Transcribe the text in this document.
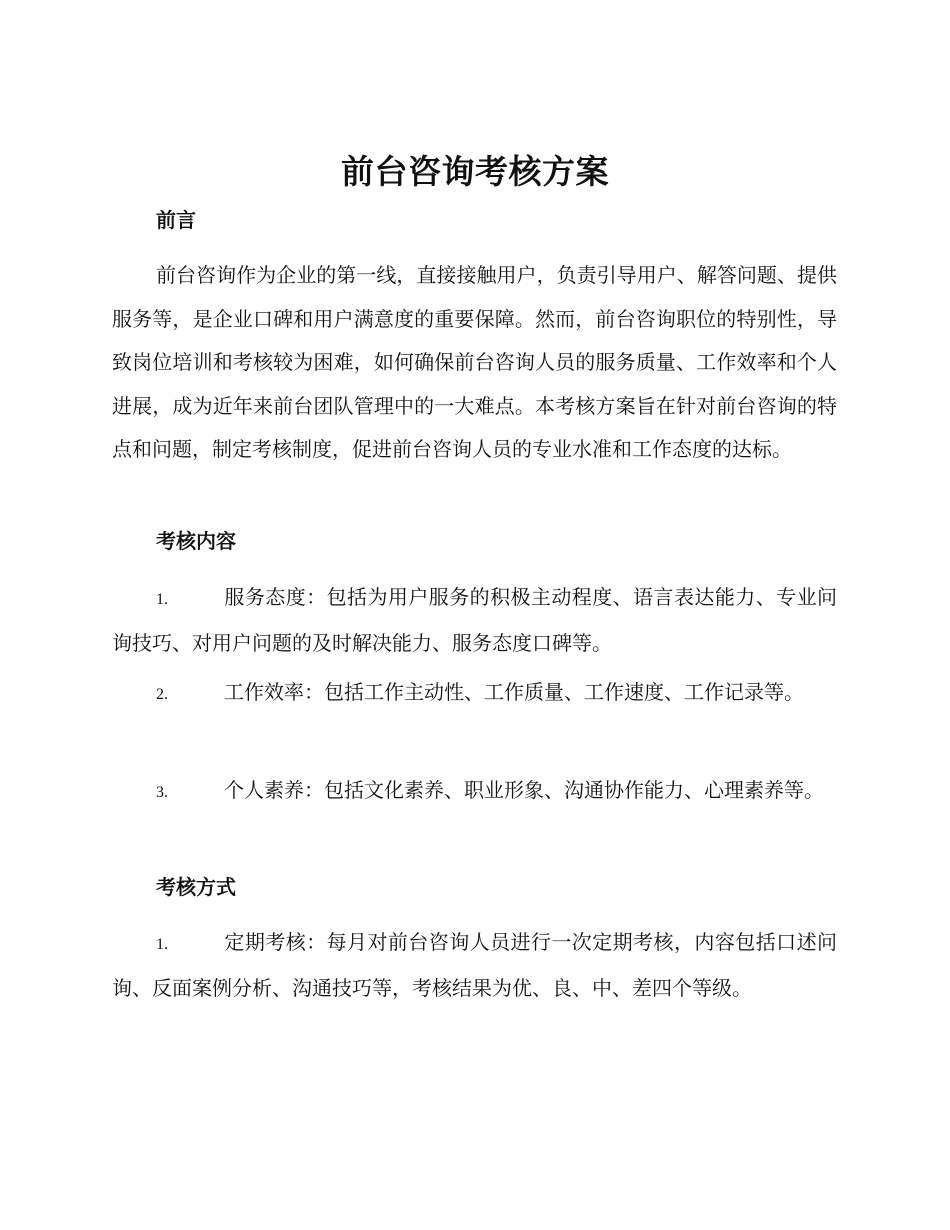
前台咨询考核方案
前言

前台咨询作为企业的第一线，直接接触用户，负责引导用户、解答问题、提供服务等，是企业口碑和用户满意度的重要保障。然而，前台咨询职位的特别性，导致岗位培训和考核较为困难，如何确保前台咨询人员的服务质量、工作效率和个人进展，成为近年来前台团队管理中的一大难点。本考核方案旨在针对前台咨询的特点和问题，制定考核制度，促进前台咨询人员的专业水准和工作态度的达标。

考核内容

1.	服务态度：包括为用户服务的积极主动程度、语言表达能力、专业问询技巧、对用户问题的及时解决能力、服务态度口碑等。

2.	工作效率：包括工作主动性、工作质量、工作速度、工作记录等。

3.	个人素养：包括文化素养、职业形象、沟通协作能力、心理素养等。

考核方式

1.	定期考核：每月对前台咨询人员进行一次定期考核，内容包括口述问询、反面案例分析、沟通技巧等，考核结果为优、良、中、差四个等级。
